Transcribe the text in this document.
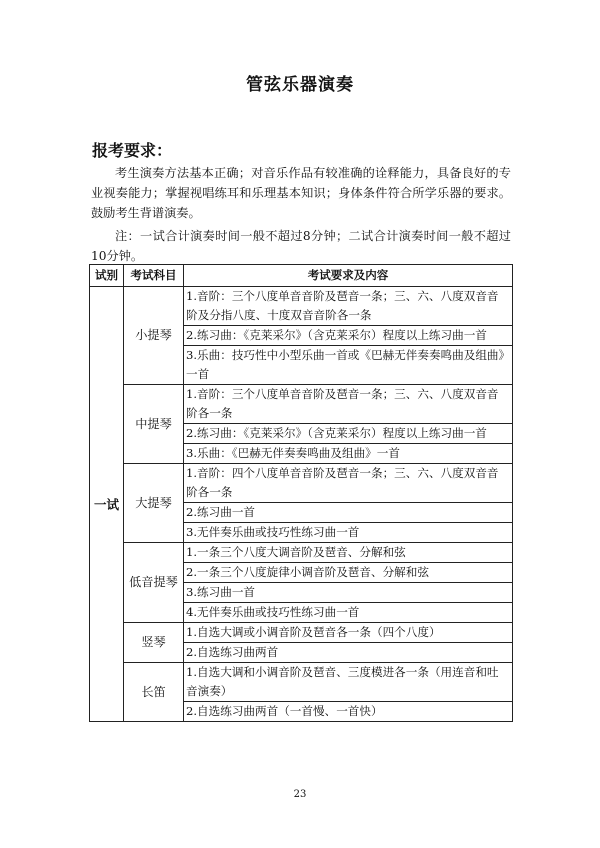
管弦乐器演奏
报考要求：
考生演奏方法基本正确；对音乐作品有较准确的诠释能力，具备良好的专业视奏能力；掌握视唱练耳和乐理基本知识；身体条件符合所学乐器的要求。鼓励考生背谱演奏。
注：一试合计演奏时间一般不超过8分钟；二试合计演奏时间一般不超过10分钟。
试别	考试科目	考试要求及内容
一试	小提琴	1.音阶：三个八度单音音阶及琶音一条；三、六、八度双音音阶及分指八度、十度双音音阶各一条
		2.练习曲：《克莱采尔》（含克莱采尔）程度以上练习曲一首
		3.乐曲：技巧性中小型乐曲一首或《巴赫无伴奏奏鸣曲及组曲》一首
	中提琴	1.音阶：三个八度单音音阶及琶音一条；三、六、八度双音音阶各一条
		2.练习曲：《克莱采尔》（含克莱采尔）程度以上练习曲一首
		3.乐曲：《巴赫无伴奏奏鸣曲及组曲》一首
	大提琴	1.音阶：四个八度单音音阶及琶音一条；三、六、八度双音音阶各一条
		2.练习曲一首
		3.无伴奏乐曲或技巧性练习曲一首
	低音提琴	1.一条三个八度大调音阶及琶音、分解和弦
		2.一条三个八度旋律小调音阶及琶音、分解和弦
		3.练习曲一首
		4.无伴奏乐曲或技巧性练习曲一首
	竖琴	1.自选大调或小调音阶及琶音各一条（四个八度）
		2.自选练习曲两首
	长笛	1.自选大调和小调音阶及琶音、三度模进各一条（用连音和吐音演奏）
		2.自选练习曲两首（一首慢、一首快）
23
